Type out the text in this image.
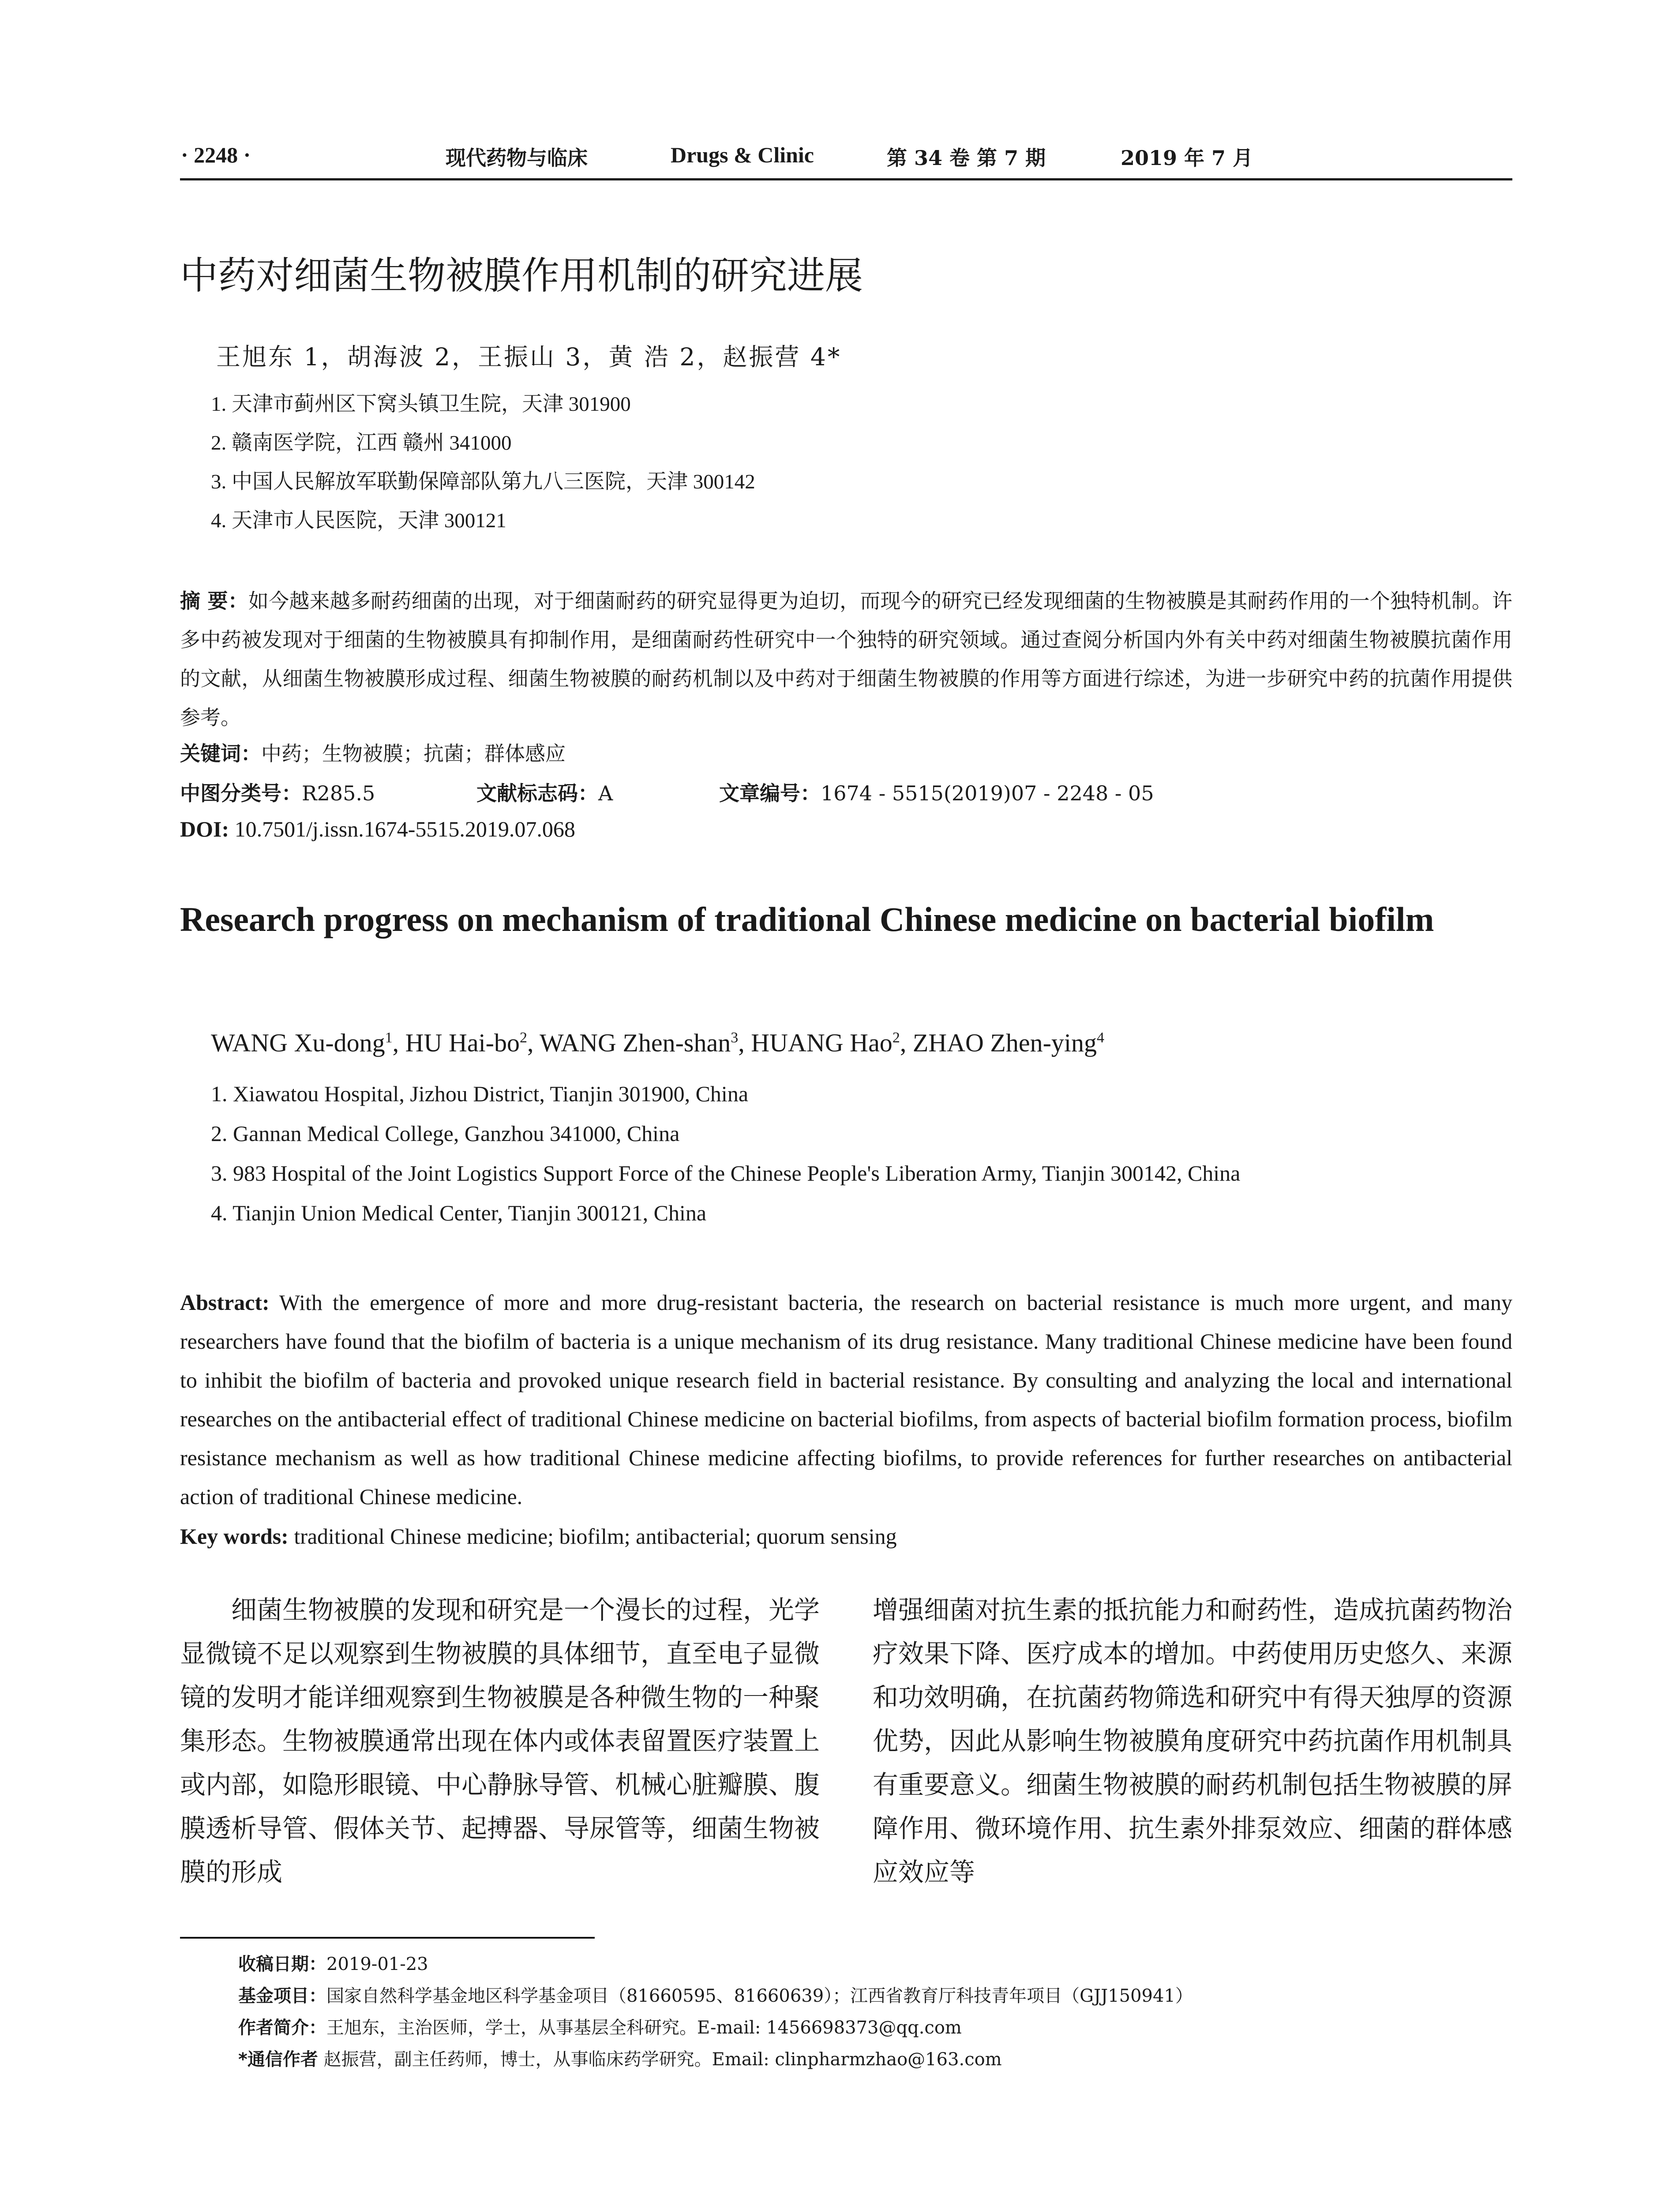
· 2248 ·	现代药物与临床	Drugs & Clinic	第 34 卷 第 7 期	2019 年 7 月
中药对细菌生物被膜作用机制的研究进展
王旭东 1，胡海波 2，王振山 3，黄 浩 2，赵振营 4*
1. 天津市蓟州区下窝头镇卫生院，天津 301900
2. 赣南医学院，江西 赣州 341000
3. 中国人民解放军联勤保障部队第九八三医院，天津 300142
4. 天津市人民医院，天津 300121
摘 要：如今越来越多耐药细菌的出现，对于细菌耐药的研究显得更为迫切，而现今的研究已经发现细菌的生物被膜是其耐药作用的一个独特机制。许多中药被发现对于细菌的生物被膜具有抑制作用，是细菌耐药性研究中一个独特的研究领域。通过查阅分析国内外有关中药对细菌生物被膜抗菌作用的文献，从细菌生物被膜形成过程、细菌生物被膜的耐药机制以及中药对于细菌生物被膜的作用等方面进行综述，为进一步研究中药的抗菌作用提供参考。
关键词：中药；生物被膜；抗菌；群体感应
中图分类号：R285.5	文献标志码：A	文章编号：1674 - 5515(2019)07 - 2248 - 05
DOI: 10.7501/j.issn.1674-5515.2019.07.068
Research progress on mechanism of traditional Chinese medicine on bacterial biofilm
WANG Xu-dong$^1$, HU Hai-$bo^2$, WANG Zhen-shan$^3$, HUANG Hao$^2$, ZHAO Zhen-ying$^4$
1. Xiawatou Hospital, Jizhou District, Tianjin 301900, China
2. Gannan Medical College, Ganzhou 341000, China
3. 983 Hospital of the Joint Logistics Support Force of the Chinese People's Liberation Army, Tianjin 300142, China
4. Tianjin Union Medical Center, Tianjin 300121, China
Abstract: With the emergence of more and more drug-resistant bacteria, the research on bacterial resistance is much more urgent, and many researchers have found that the biofilm of bacteria is a unique mechanism of its drug resistance. Many traditional Chinese medicine have been found to inhibit the biofilm of bacteria and provoked unique research field in bacterial resistance. By consulting and analyzing the local and international researches on the antibacterial effect of traditional Chinese medicine on bacterial biofilms, from aspects of bacterial biofilm formation process, biofilm resistance mechanism as well as how traditional Chinese medicine affecting biofilms, to provide references for further researches on antibacterial action of traditional Chinese medicine.
Key words: traditional Chinese medicine; biofilm; antibacterial; quorum sensing
细菌生物被膜的发现和研究是一个漫长的过程，光学显微镜不足以观察到生物被膜的具体细节，直至电子显微镜的发明才能详细观察到生物被膜是各种微生物的一种聚集形态。生物被膜通常出现在体内或体表留置医疗装置上或内部，如隐形眼镜、中心静脉导管、机械心脏瓣膜、腹膜透析导管、假体关节、起搏器、导尿管等，细菌生物被膜的形成
增强细菌对抗生素的抵抗能力和耐药性，造成抗菌药物治疗效果下降、医疗成本的增加。中药使用历史悠久、来源和功效明确，在抗菌药物筛选和研究中有得天独厚的资源优势，因此从影响生物被膜角度研究中药抗菌作用机制具有重要意义。细菌生物被膜的耐药机制包括生物被膜的屏障作用、微环境作用、抗生素外排泵效应、细菌的群体感应效应等
收稿日期：2019-01-23
基金项目：国家自然科学基金地区科学基金项目（81660595、81660639）；江西省教育厅科技青年项目（GJJ150941）
作者简介：王旭东，主治医师，学士，从事基层全科研究。E-mail: 1456698373@qq.com
*通信作者 赵振营，副主任药师，博士，从事临床药学研究。Email: clinpharmzhao@163.com
